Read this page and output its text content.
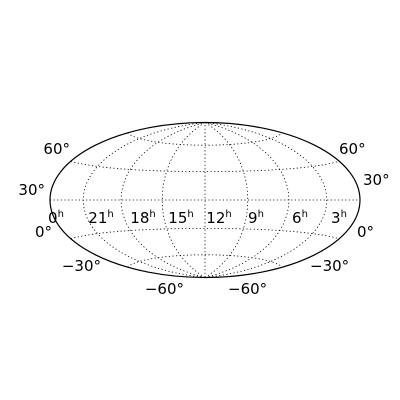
0$^h$ 21$^h$ 18$^h$ 15$^h$ 12$^h$ 9$^h$ 6$^h$ 3$^h$
60°
30°
0°
−30°
−60°
60°
30°
0°
−30°
−60°
